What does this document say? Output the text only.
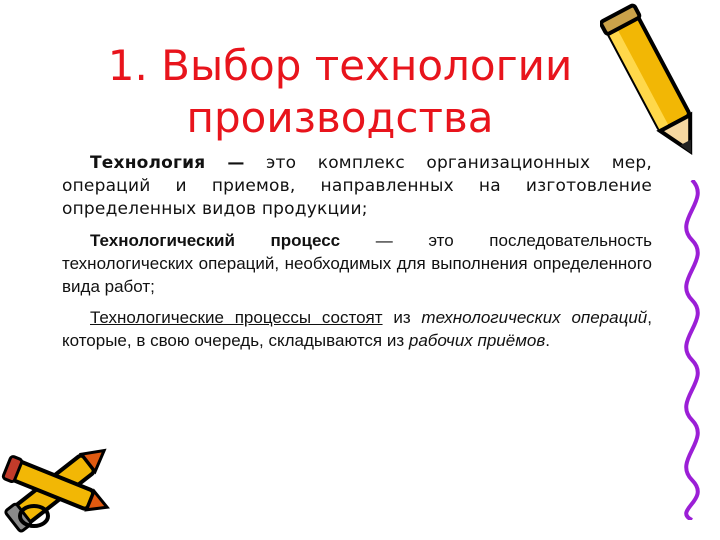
1. Выбор технологии производства

Технология — это комплекс организационных мер, операций и приемов, направленных на изготовление определенных видов продукции;

Технологический процесс — это последовательность технологических операций, необходимых для выполнения определенного вида работ;

Технологические процессы состоят из технологических операций, которые, в свою очередь, складываются из рабочих приёмов.
